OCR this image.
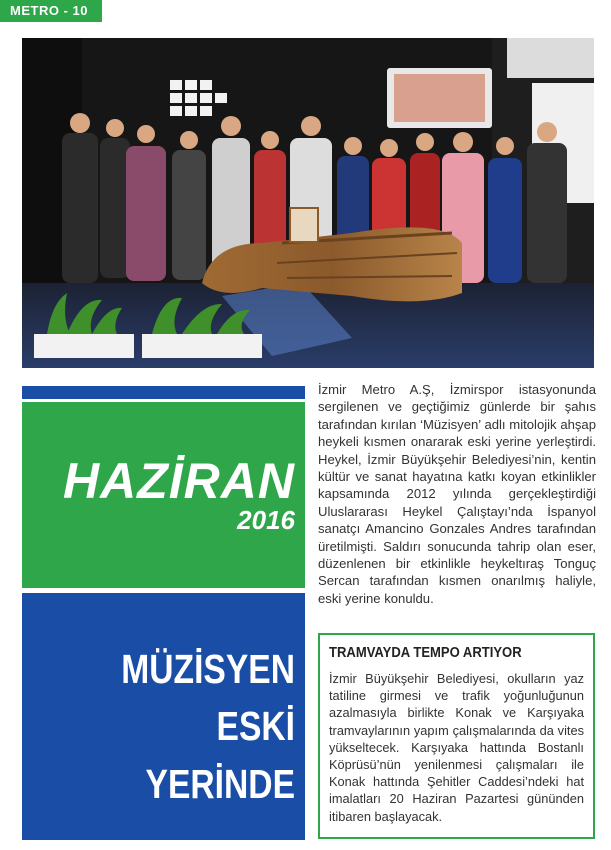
METRO - 10
HAZİRAN
2016
MÜZİSYEN
ESKİ YERİNDE
İzmir Metro A.Ş, İzmirspor istasyonunda sergilenen ve geçtiğimiz günlerde bir şahıs tarafından kırılan ‘Müzisyen’ adlı mitolojik ahşap heykeli kısmen onararak eski yerine yerleştirdi. Heykel, İzmir Büyükşehir Belediyesi’nin, kentin kültür ve sanat hayatına katkı koyan etkinlikler kapsamında 2012 yılında gerçekleştirdiği Uluslararası Heykel Çalıştayı’nda İspanyol sanatçı Amancino Gonzales Andres tarafından üretilmişti. Saldırı sonucunda tahrip olan eser, düzenlenen bir etkinlikle heykeltıraş Tonguç Sercan tarafından kısmen onarılmış haliyle, eski yerine konuldu.
TRAMVAYDA TEMPO ARTIYOR
İzmir Büyükşehir Belediyesi, okulların yaz tatiline girmesi ve trafik yoğunluğunun azalmasıyla birlikte Konak ve Karşıyaka tramvaylarının yapım çalışmalarında da vites yükseltecek. Karşıyaka hattında Bostanlı Köprüsü’nün yenilenmesi çalışmaları ile Konak hattında Şehitler Caddesi’ndeki hat imalatları 20 Haziran Pazartesi gününden itibaren başlayacak.
